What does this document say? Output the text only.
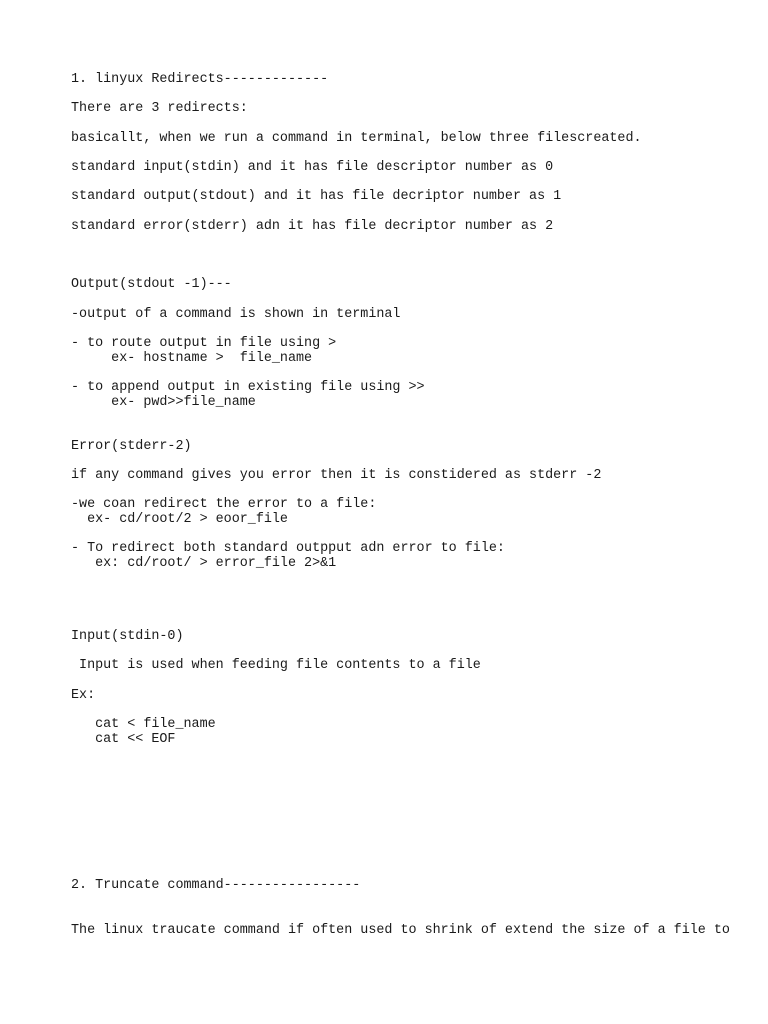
1. linyux Redirects-------------

There are 3 redirects:

basicallt, when we run a command in terminal, below three filescreated.

standard input(stdin) and it has file descriptor number as 0

standard output(stdout) and it has file decriptor number as 1

standard error(stderr) adn it has file decriptor number as 2

Output(stdout -1)---

-output of a command is shown in terminal

- to route output in file using >

ex- hostname >  file_name

- to append output in existing file using >>

ex- pwd>>file_name

Error(stderr-2)

if any command gives you error then it is constidered as stderr -2

-we coan redirect the error to a file:

ex- cd/root/2 > eoor_file

- To redirect both standard outpput adn error to file:

ex: cd/root/ > error_file 2>&1

Input(stdin-0)

Input is used when feeding file contents to a file

Ex:

cat < file_name

cat << EOF

2. Truncate command-----------------

The linux traucate command if often used to shrink of extend the size of a file to
